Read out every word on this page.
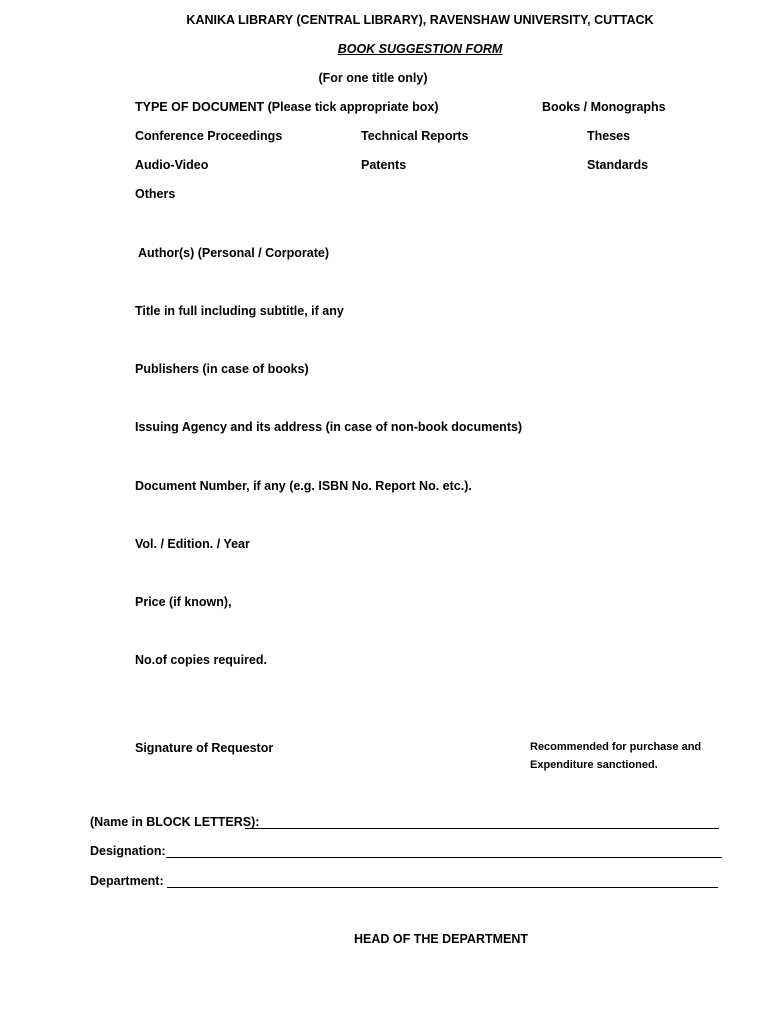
KANIKA LIBRARY (CENTRAL LIBRARY), RAVENSHAW UNIVERSITY, CUTTACK
BOOK SUGGESTION FORM
(For one title only)
TYPE OF DOCUMENT (Please tick appropriate box)	Books / Monographs
Conference Proceedings	Technical Reports	Theses
Audio-Video	Patents	Standards
Others
Author(s) (Personal / Corporate)
Title in full including subtitle, if any
Publishers (in case of books)
Issuing Agency and its address (in case of non-book documents)
Document Number, if any (e.g. ISBN No. Report No. etc.).
Vol. / Edition. / Year
Price (if known),
No.of copies required.
Signature of Requestor	Recommended for purchase and
Expenditure sanctioned.
(Name in BLOCK LETTERS):
Designation:
Department:
HEAD OF THE DEPARTMENT
